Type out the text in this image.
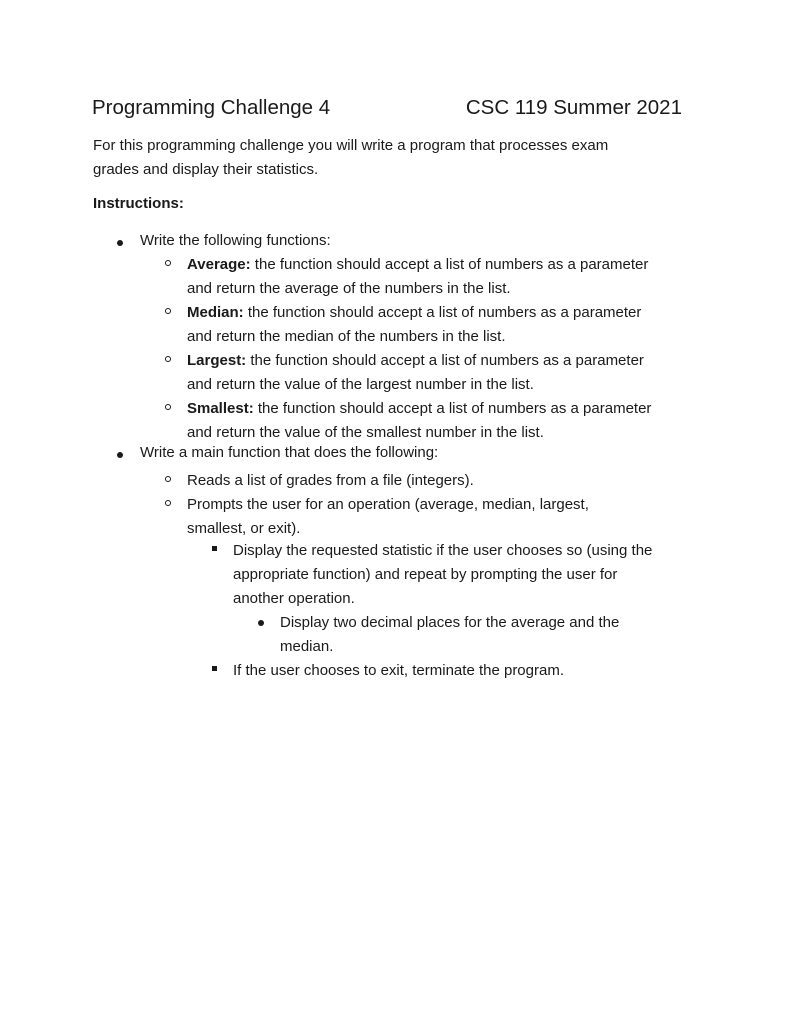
Programming Challenge 4	CSC 119 Summer 2021
For this programming challenge you will write a program that processes exam
grades and display their statistics.
Instructions:
Write the following functions:
Average: the function should accept a list of numbers as a parameter
and return the average of the numbers in the list.
Median: the function should accept a list of numbers as a parameter
and return the median of the numbers in the list.
Largest: the function should accept a list of numbers as a parameter
and return the value of the largest number in the list.
Smallest: the function should accept a list of numbers as a parameter
and return the value of the smallest number in the list.
Write a main function that does the following:
Reads a list of grades from a file (integers).
Prompts the user for an operation (average, median, largest,
smallest, or exit).
Display the requested statistic if the user chooses so (using the
appropriate function) and repeat by prompting the user for
another operation.
Display two decimal places for the average and the
median.
If the user chooses to exit, terminate the program.
